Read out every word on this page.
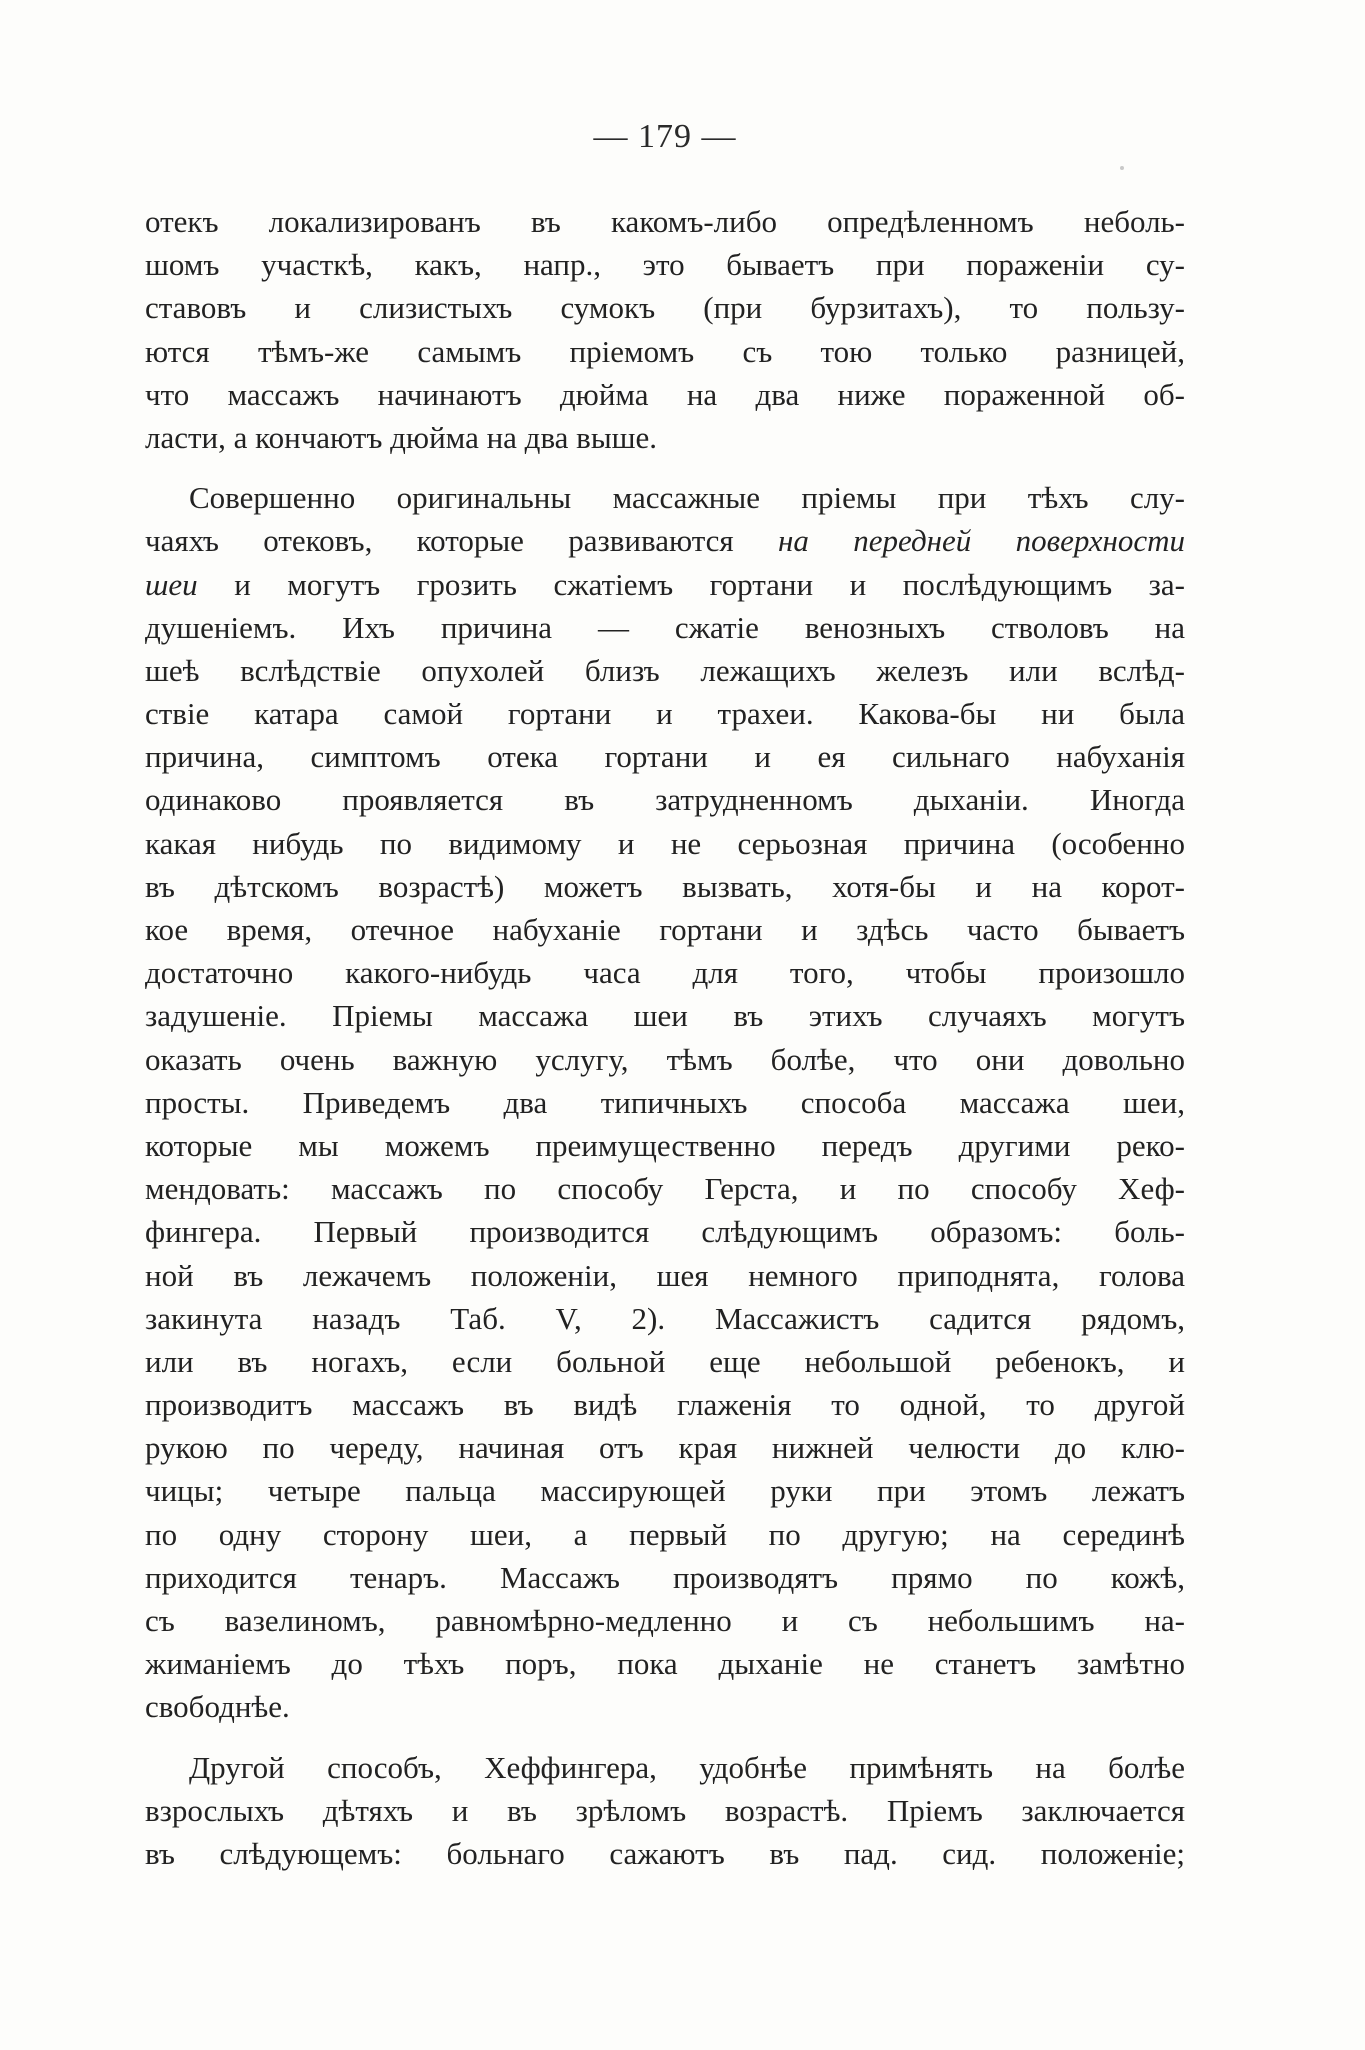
— 179 —

отекъ локализированъ въ какомъ-либо опредѣленномъ неболь-
шомъ участкѣ, какъ, напр., это бываетъ при пораженіи су-
ставовъ и слизистыхъ сумокъ (при бурзитахъ), то пользу-
ются тѣмъ-же самымъ пріемомъ съ тою только разницей,
что массажъ начинаютъ дюйма на два ниже пораженной об-
ласти, а кончаютъ дюйма на два выше.

Совершенно оригинальны массажные пріемы при тѣхъ слу-
чаяхъ отековъ, которые развиваются на передней поверхности
шеи и могутъ грозить сжатіемъ гортани и послѣдующимъ за-
душеніемъ. Ихъ причина — сжатіе венозныхъ стволовъ на
шеѣ вслѣдствіе опухолей близъ лежащихъ железъ или вслѣд-
ствіе катара самой гортани и трахеи. Какова-бы ни была
причина, симптомъ отека гортани и ея сильнаго набуханія
одинаково проявляется въ затрудненномъ дыханіи. Иногда
какая нибудь по видимому и не серьозная причина (особенно
въ дѣтскомъ возрастѣ) можетъ вызвать, хотя-бы и на корот-
кое время, отечное набуханіе гортани и здѣсь часто бываетъ
достаточно какого-нибудь часа для того, чтобы произошло
задушеніе. Пріемы массажа шеи въ этихъ случаяхъ могутъ
оказать очень важную услугу, тѣмъ болѣе, что они довольно
просты. Приведемъ два типичныхъ способа массажа шеи,
которые мы можемъ преимущественно передъ другими реко-
мендовать: массажъ по способу Герста, и по способу Хеф-
фингера. Первый производится слѣдующимъ образомъ: боль-
ной въ лежачемъ положеніи, шея немного приподнята, голова
закинута назадъ Таб. V, 2). Массажистъ садится рядомъ,
или въ ногахъ, если больной еще небольшой ребенокъ, и
производитъ массажъ въ видѣ глаженія то одной, то другой
рукою по череду, начиная отъ края нижней челюсти до клю-
чицы; четыре пальца массирующей руки при этомъ лежатъ
по одну сторону шеи, а первый по другую; на серединѣ
приходится тенаръ. Массажъ производятъ прямо по кожѣ,
съ вазелиномъ, равномѣрно-медленно и съ небольшимъ на-
жиманіемъ до тѣхъ поръ, пока дыханіе не станетъ замѣтно
свободнѣе.

Другой способъ, Хеффингера, удобнѣе примѣнять на болѣе
взрослыхъ дѣтяхъ и въ зрѣломъ возрастѣ. Пріемъ заключается
въ слѣдующемъ: больнаго сажаютъ въ пад. сид. положеніе;
